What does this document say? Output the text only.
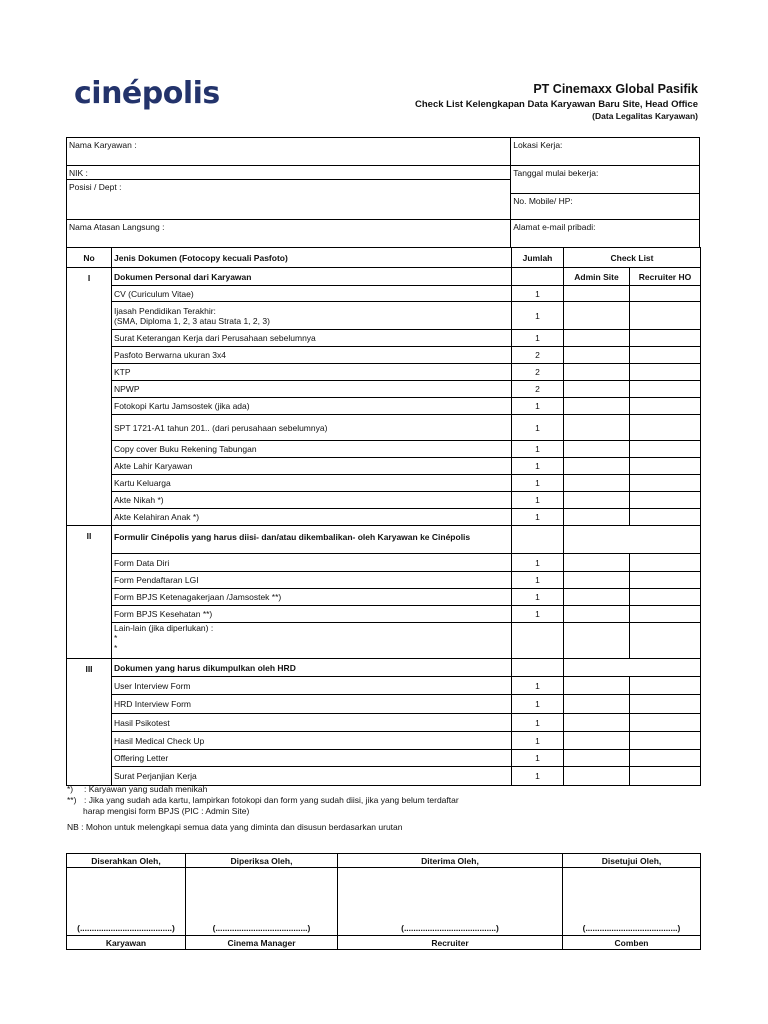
cinépolis	PT Cinemaxx Global Pasifik
Check List Kelengkapan Data Karyawan Baru Site, Head Office
(Data Legalitas Karyawan)
Nama Karyawan :	Lokasi Kerja:
NIK :	Tanggal mulai bekerja:
Posisi / Dept :	
	No. Mobile/ HP:
Nama Atasan Langsung :	Alamat e-mail pribadi:
No	Jenis Dokumen (Fotocopy kecuali Pasfoto)	Jumlah	Check List	

I	Dokumen Personal dari Karyawan		Admin Site	Recruiter HO
	CV (Curiculum Vitae)	1		

	Ijasah Pendidikan Terakhir:
(SMA, Diploma 1, 2, 3 atau Strata 1, 2, 3)	1		
	Surat Keterangan Kerja dari Perusahaan sebelumnya	1		
	Pasfoto Berwarna ukuran 3x4	2		
	KTP	2		
	NPWP	2		
	Fotokopi Kartu Jamsostek (jika ada)	1		
	SPT 1721-A1 tahun 201.. (dari perusahaan sebelumnya)	1		
	Copy cover Buku Rekening Tabungan	1		
	Akte Lahir Karyawan	1		
	Kartu Keluarga	1		
	Akte Nikah *)	1		
	Akte Kelahiran Anak *)	1		
II	Formulir Cinépolis yang harus diisi- dan/atau dikembalikan- oleh Karyawan ke Cinépolis			
	Form Data Diri	1		
	Form Pendaftaran LGI	1		
	Form BPJS Ketenagakerjaan /Jamsostek **)	1		
	Form BPJS Kesehatan **)	1		

	Lain-lain (jika diperlukan) :
*
*			

III	Dokumen yang harus dikumpulkan oleh HRD			
	User Interview Form	1		
	HRD Interview Form	1		
	Hasil Psikotest	1		
	Hasil Medical Check Up	1		
	Offering Letter	1		
	Surat Perjanjian Kerja	1		
*)	: Karyawan yang sudah menikah
**) : Jika yang sudah ada kartu, lampirkan fotokopi dan form yang sudah diisi, jika yang belum terdaftar
harap mengisi form BPJS (PIC : Admin Site)
NB : Mohon untuk melengkapi semua data yang diminta dan disusun berdasarkan urutan
Diserahkan Oleh,	Diperiksa Oleh,	Diterima Oleh,	Disetujui Oleh,
(.......................................)	(.......................................)	(.......................................)	(.......................................)
Karyawan	Cinema Manager	Recruiter	Comben
